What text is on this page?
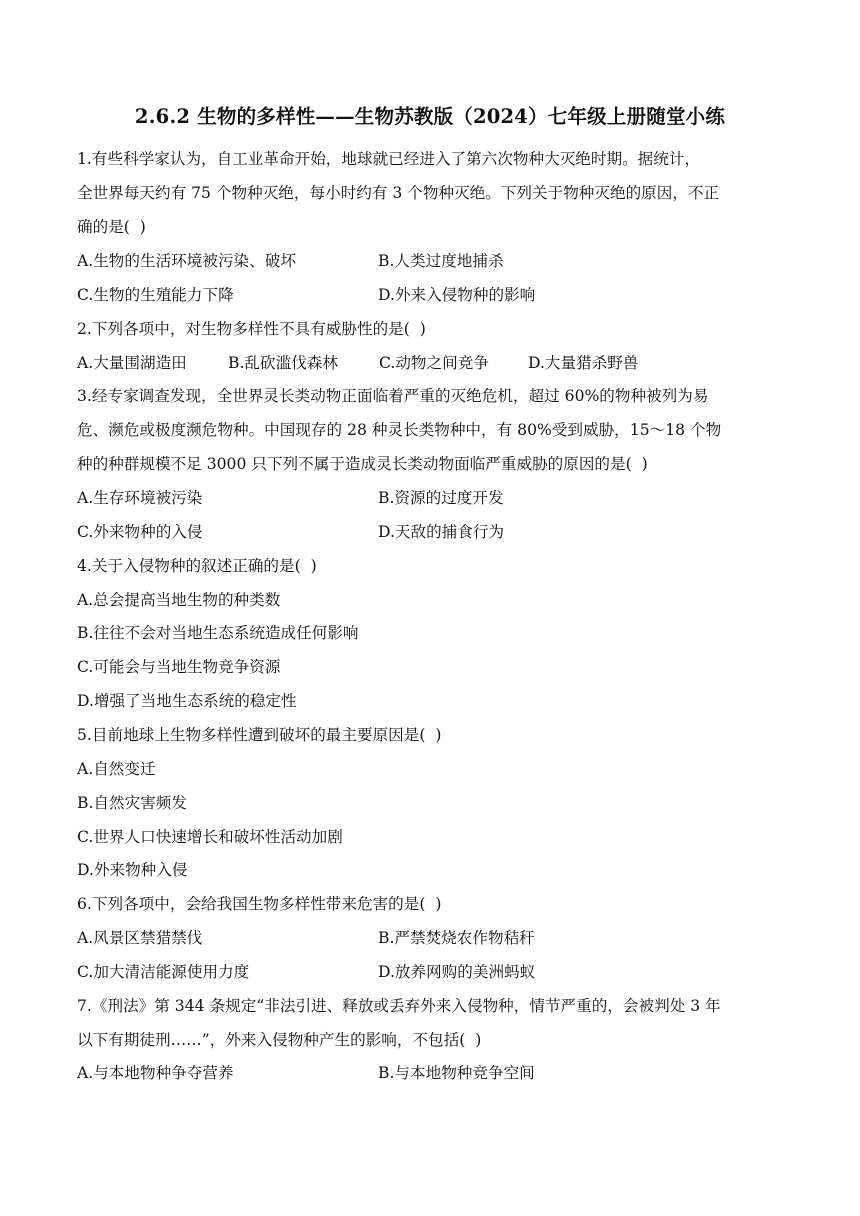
2.6.2 生物的多样性——生物苏教版（2024）七年级上册随堂小练
1.有些科学家认为，自工业革命开始，地球就已经进入了第六次物种大灭绝时期。据统计，
全世界每天约有 75 个物种灭绝，每小时约有 3 个物种灭绝。下列关于物种灭绝的原因，不正
确的是(  )
A.生物的生活环境被污染、破坏	B.人类过度地捕杀
C.生物的生殖能力下降	D.外来入侵物种的影响
2.下列各项中，对生物多样性不具有威胁性的是(  )
A.大量围湖造田	B.乱砍滥伐森林	C.动物之间竞争	D.大量猎杀野兽
3.经专家调查发现，全世界灵长类动物正面临着严重的灭绝危机，超过 60%的物种被列为易
危、濒危或极度濒危物种。中国现存的 28 种灵长类物种中，有 80%受到威胁，15～18 个物
种的种群规模不足 3000 只下列不属于造成灵长类动物面临严重威胁的原因的是(  )
A.生存环境被污染	B.资源的过度开发
C.外来物种的入侵	D.天敌的捕食行为
4.关于入侵物种的叙述正确的是(  )
A.总会提高当地生物的种类数
B.往往不会对当地生态系统造成任何影响
C.可能会与当地生物竞争资源
D.增强了当地生态系统的稳定性
5.目前地球上生物多样性遭到破坏的最主要原因是(  )
A.自然变迁
B.自然灾害频发
C.世界人口快速增长和破坏性活动加剧
D.外来物种入侵
6.下列各项中，会给我国生物多样性带来危害的是(  )
A.风景区禁猎禁伐	B.严禁焚烧农作物秸秆
C.加大清洁能源使用力度	D.放养网购的美洲蚂蚁
7.《刑法》第 344 条规定“非法引进、释放或丢弃外来入侵物种，情节严重的，会被判处 3 年
以下有期徒刑……”，外来入侵物种产生的影响，不包括(  )
A.与本地物种争夺营养	B.与本地物种竞争空间
